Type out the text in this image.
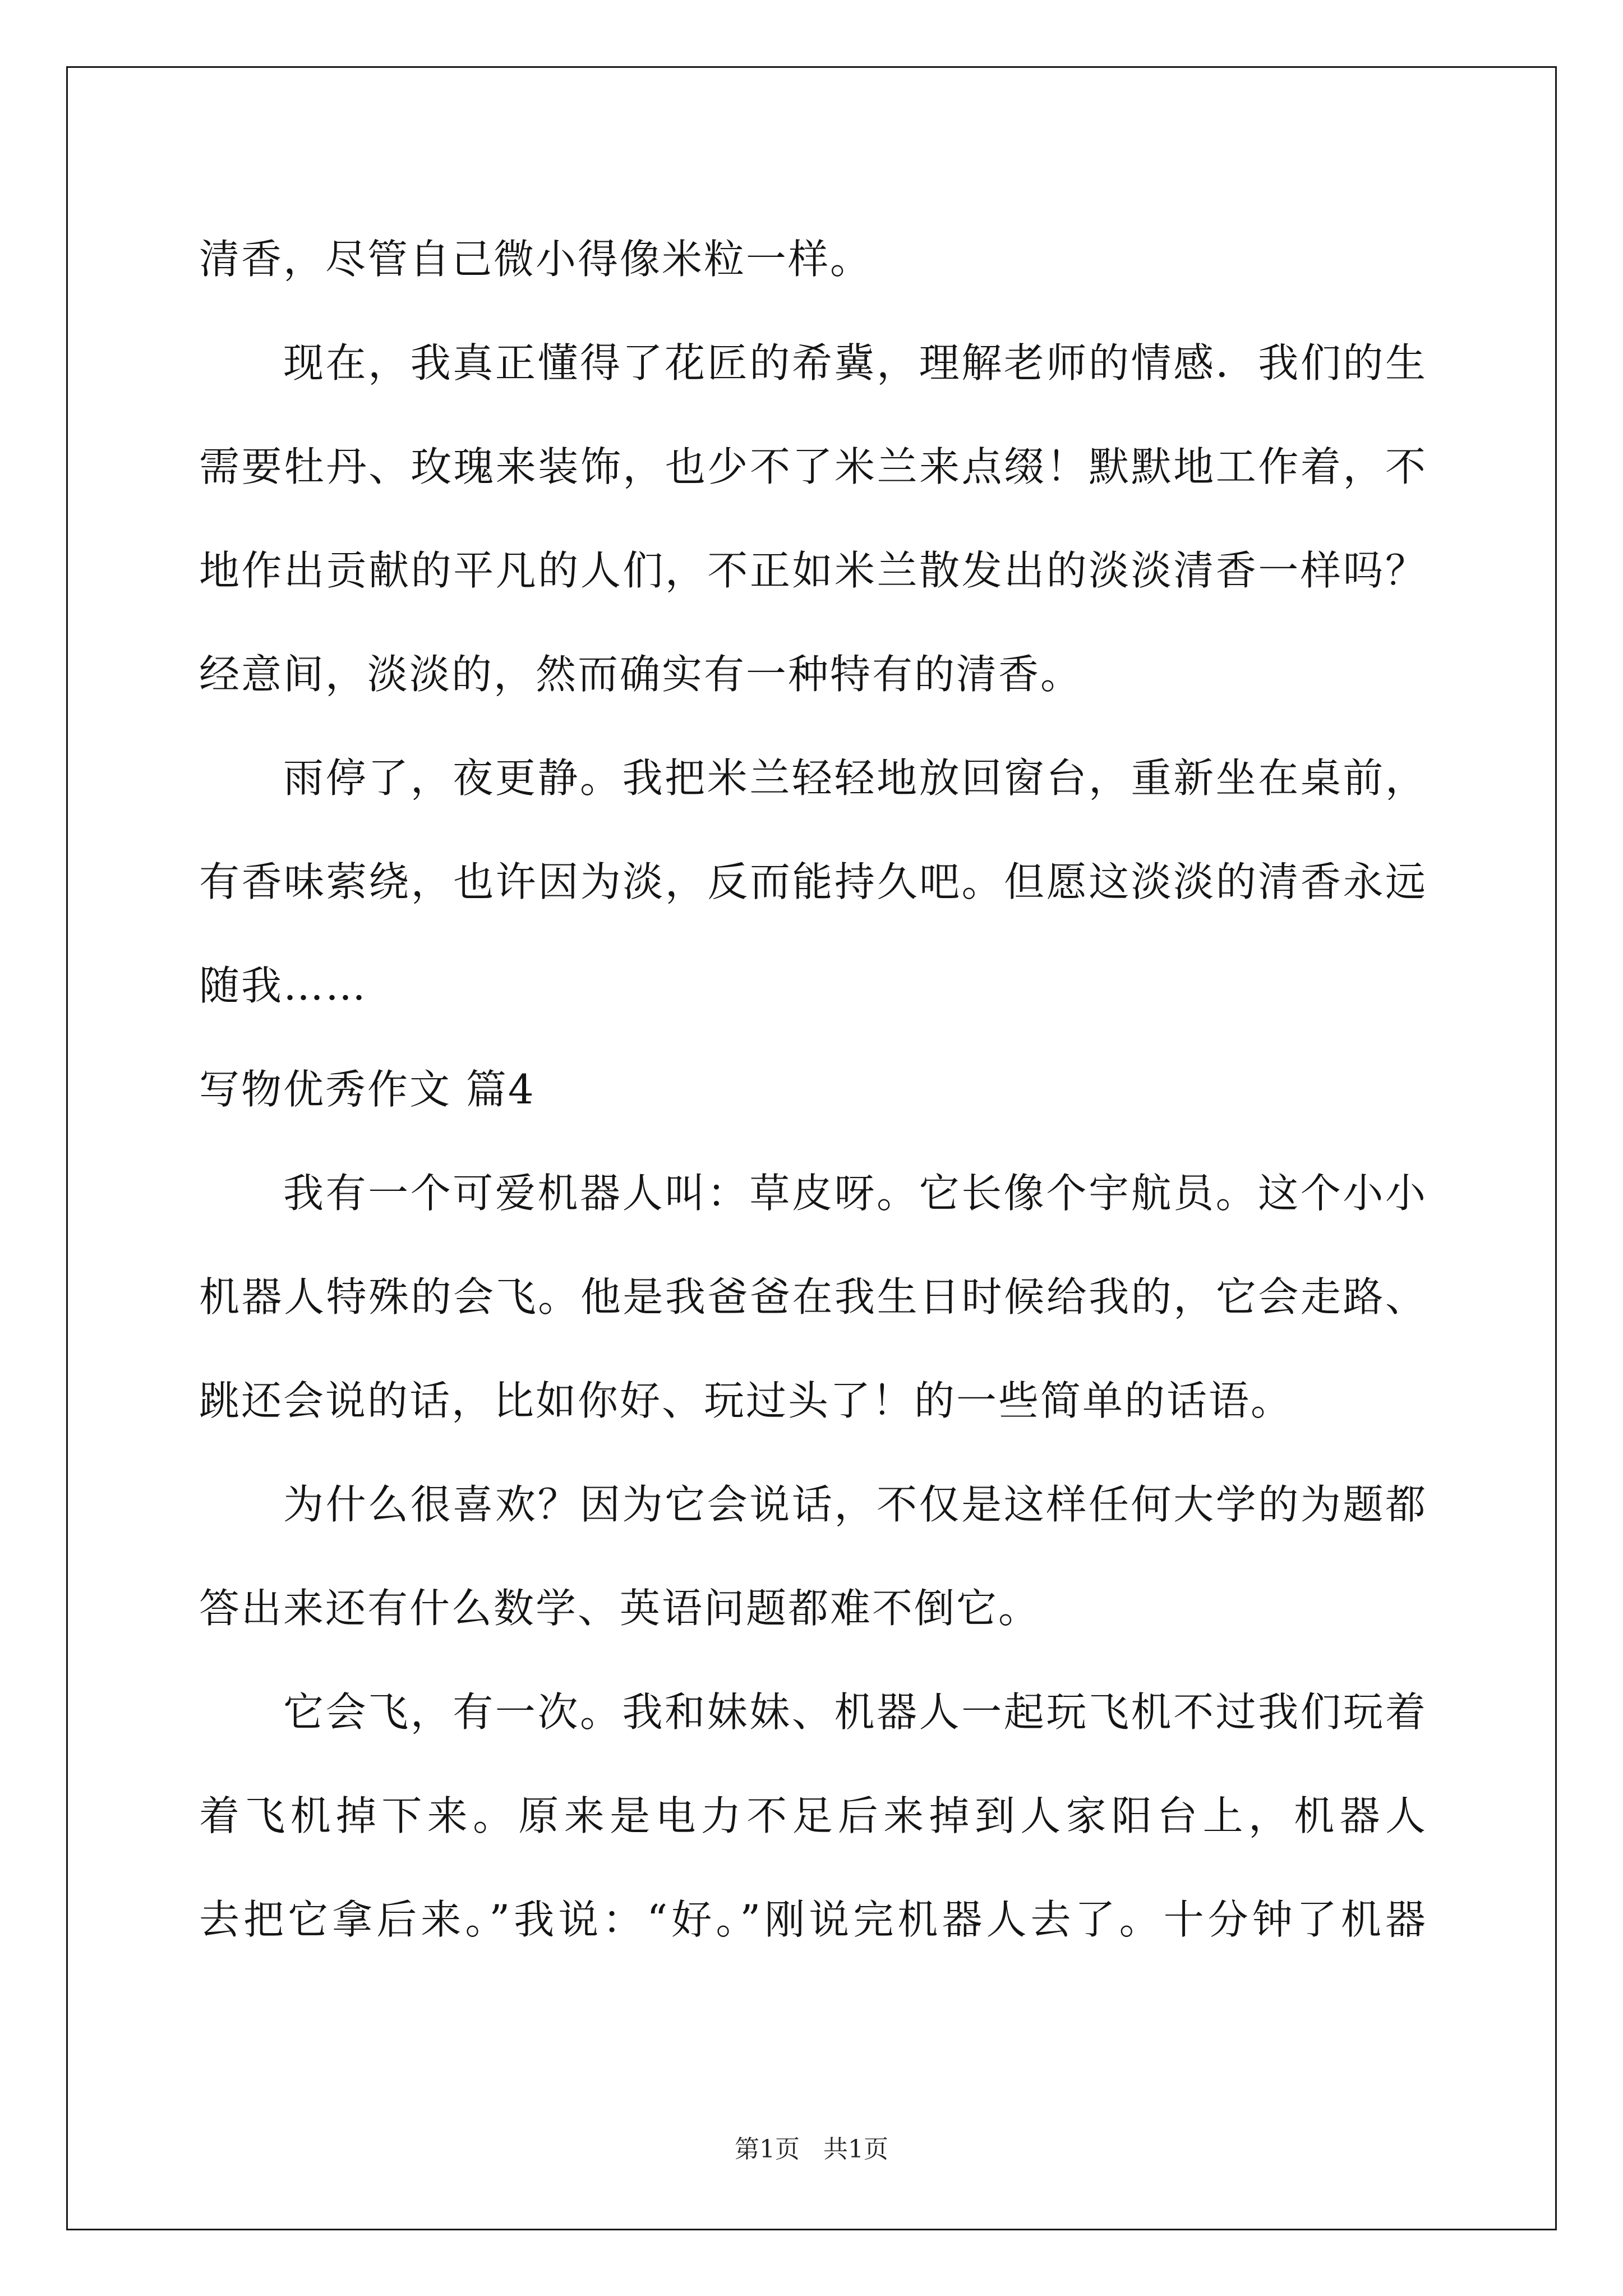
清香，尽管自己微小得像米粒一样。
现在，我真正懂得了花匠的希冀，理解老师的情感．我们的生
需要牡丹、玫瑰来装饰，也少不了米兰来点缀！默默地工作着，不
地作出贡献的平凡的人们，不正如米兰散发出的淡淡清香一样吗？
经意间，淡淡的，然而确实有一种特有的清香。
雨停了，夜更静。我把米兰轻轻地放回窗台，重新坐在桌前，
有香味萦绕，也许因为淡，反而能持久吧。但愿这淡淡的清香永远
随我……
写物优秀作文 篇4
我有一个可爱机器人叫：草皮呀。它长像个宇航员。这个小小
机器人特殊的会飞。他是我爸爸在我生日时候给我的，它会走路、
跳还会说的话，比如你好、玩过头了！的一些简单的话语。
为什么很喜欢？因为它会说话，不仅是这样任何大学的为题都
答出来还有什么数学、英语问题都难不倒它。
它会飞，有一次。我和妹妹、机器人一起玩飞机不过我们玩着
着飞机掉下来。原来是电力不足后来掉到人家阳台上，机器人
去把它拿后来。”我说：“好。”刚说完机器人去了。十分钟了机器
第1页 共1页
